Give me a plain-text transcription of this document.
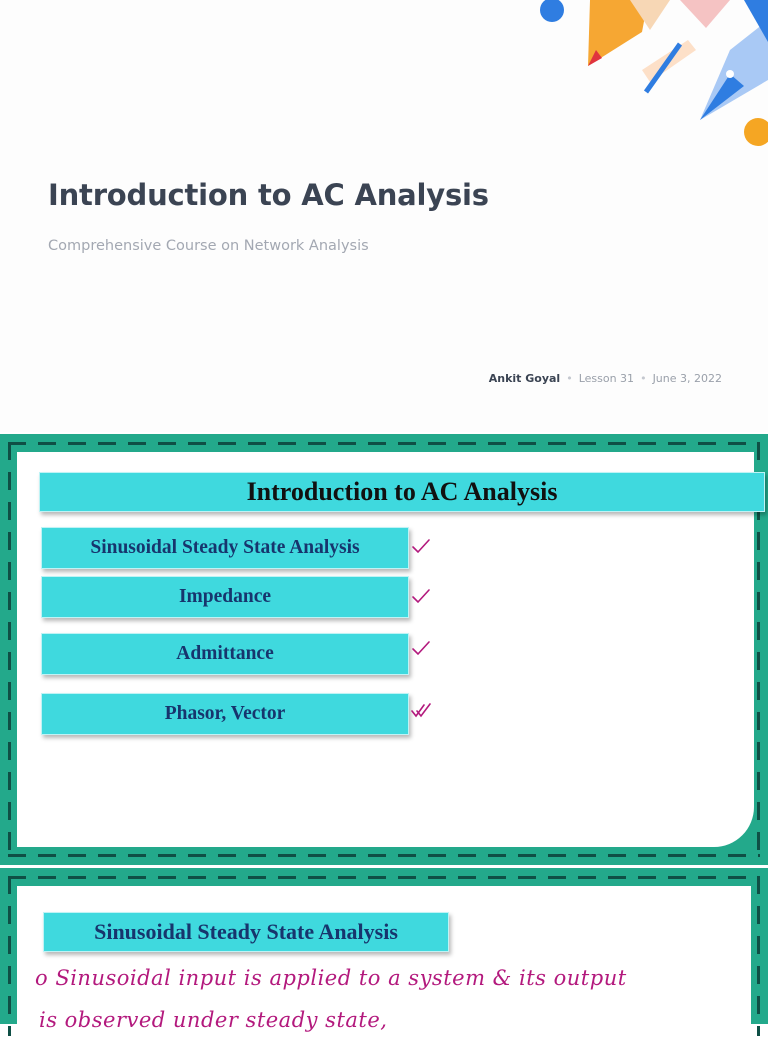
Introduction to AC Analysis

Comprehensive Course on Network Analysis

Ankit Goyal • Lesson 31 • June 3, 2022
Introduction to AC Analysis
Sinusoidal Steady State Analysis
Impedance
Admittance
Phasor, Vector
Sinusoidal Steady State Analysis
o Sinusoidal input is applied to a system & its output
is observed under steady state,
